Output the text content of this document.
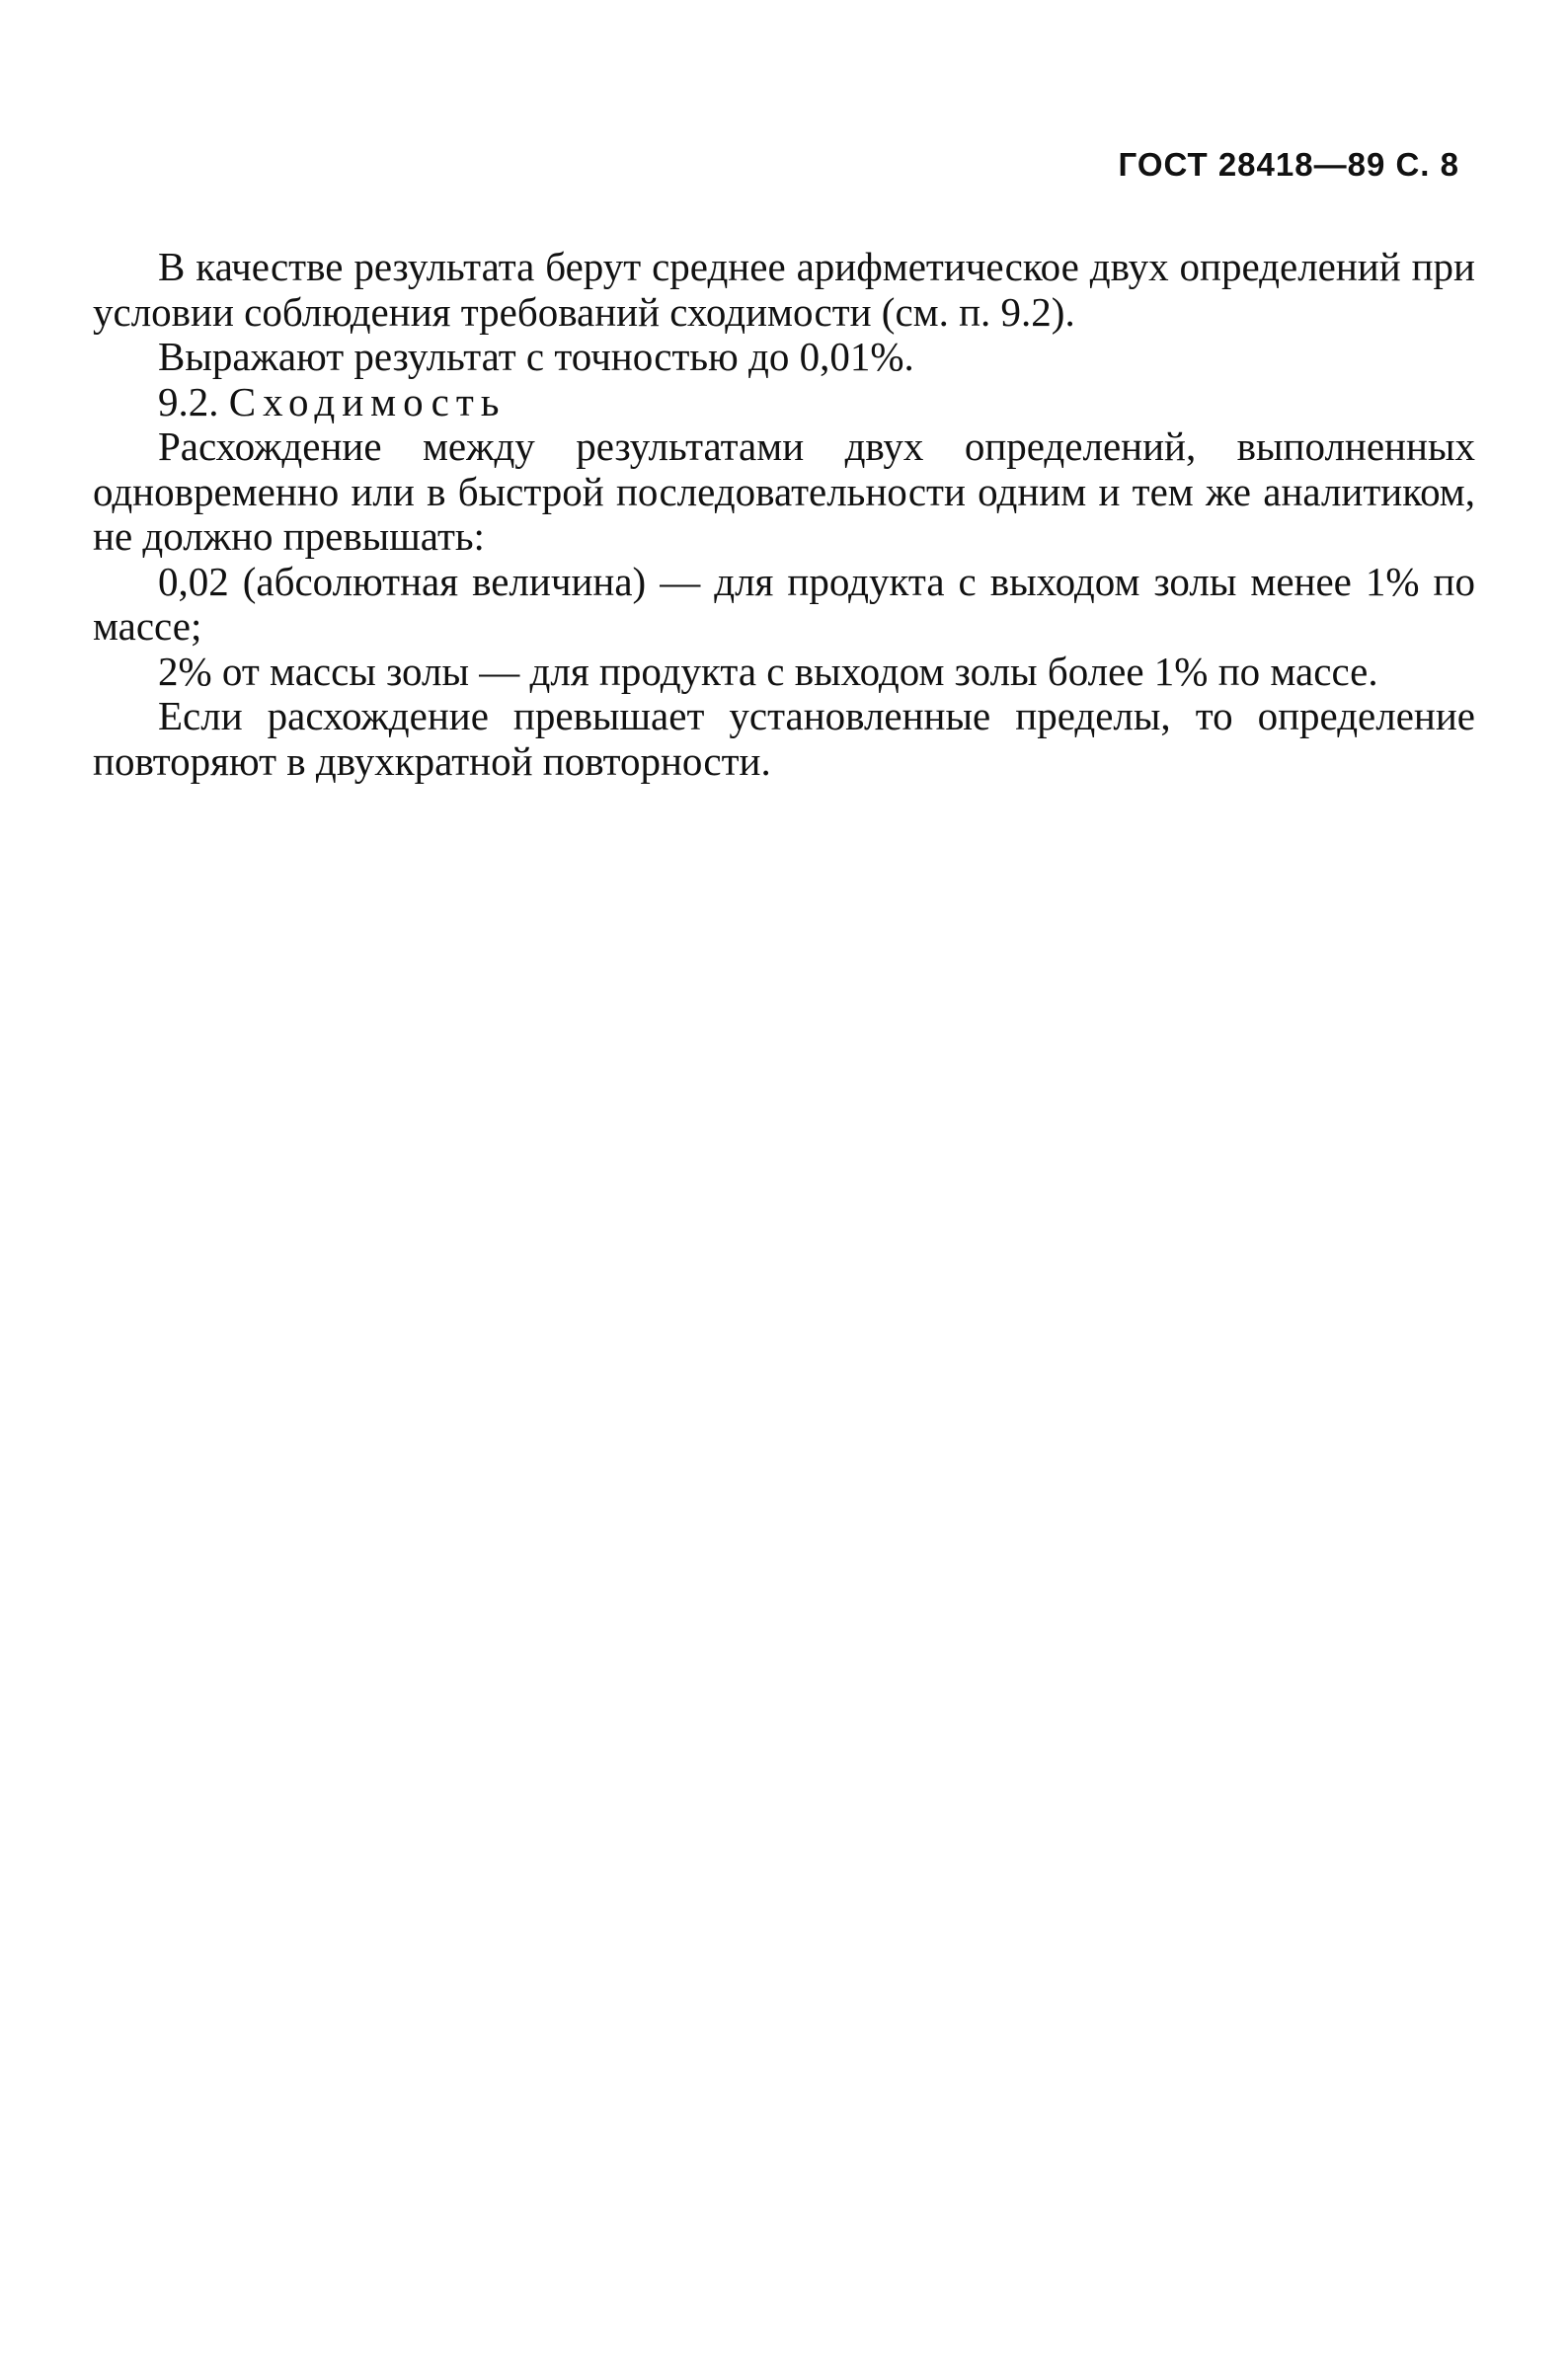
ГОСТ 28418—89 С. 8

В качестве результата берут среднее арифметическое двух определений при условии соблюдения требований сходимости (см. п. 9.2).

Выражают результат с точностью до 0,01%.

9.2. Сходимость

Расхождение между результатами двух определений, выполненных одновременно или в быстрой последовательности одним и тем же аналитиком, не должно превышать:

0,02 (абсолютная величина) — для продукта с выходом золы менее 1% по массе;

2% от массы золы — для продукта с выходом золы более 1% по массе.

Если расхождение превышает установленные пределы, то определение повторяют в двухкратной повторности.
